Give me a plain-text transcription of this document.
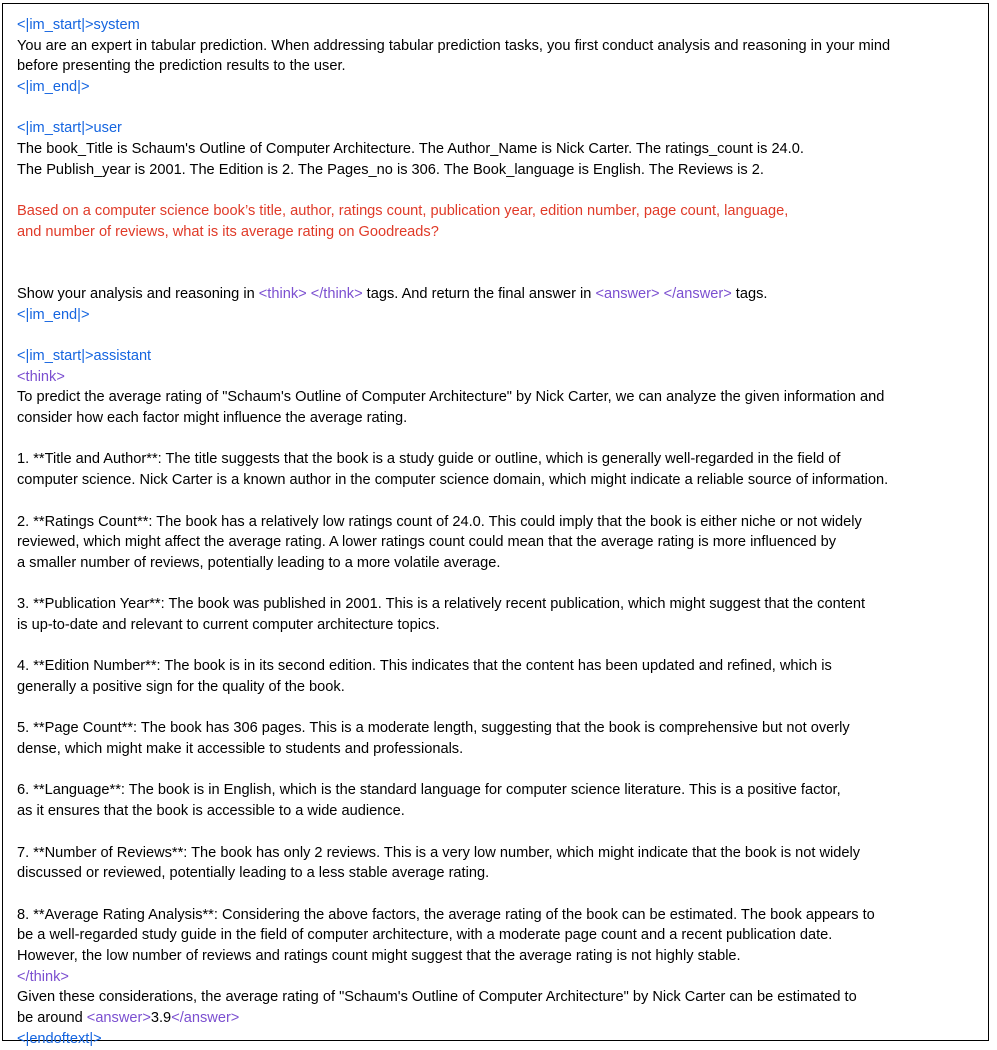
<|im_start|>system
You are an expert in tabular prediction. When addressing tabular prediction tasks, you first conduct analysis and reasoning in your mind
before presenting the prediction results to the user.
<|im_end|>
<|im_start|>user
The book_Title is Schaum's Outline of Computer Architecture. The Author_Name is Nick Carter. The ratings_count is 24.0.
The Publish_year is 2001. The Edition is 2. The Pages_no is 306. The Book_language is English. The Reviews is 2.
Based on a computer science book’s title, author, ratings count, publication year, edition number, page count, language,
and number of reviews, what is its average rating on Goodreads?
Show your analysis and reasoning in <think> </think> tags. And return the final answer in <answer> </answer> tags.
<|im_end|>
<|im_start|>assistant
<think>
To predict the average rating of "Schaum's Outline of Computer Architecture" by Nick Carter, we can analyze the given information and
consider how each factor might influence the average rating.
1. **Title and Author**: The title suggests that the book is a study guide or outline, which is generally well-regarded in the field of
computer science. Nick Carter is a known author in the computer science domain, which might indicate a reliable source of information.
2. **Ratings Count**: The book has a relatively low ratings count of 24.0. This could imply that the book is either niche or not widely
reviewed, which might affect the average rating. A lower ratings count could mean that the average rating is more influenced by
a smaller number of reviews, potentially leading to a more volatile average.
3. **Publication Year**: The book was published in 2001. This is a relatively recent publication, which might suggest that the content
is up-to-date and relevant to current computer architecture topics.
4. **Edition Number**: The book is in its second edition. This indicates that the content has been updated and refined, which is
generally a positive sign for the quality of the book.
5. **Page Count**: The book has 306 pages. This is a moderate length, suggesting that the book is comprehensive but not overly
dense, which might make it accessible to students and professionals.
6. **Language**: The book is in English, which is the standard language for computer science literature. This is a positive factor,
as it ensures that the book is accessible to a wide audience.
7. **Number of Reviews**: The book has only 2 reviews. This is a very low number, which might indicate that the book is not widely
discussed or reviewed, potentially leading to a less stable average rating.
8. **Average Rating Analysis**: Considering the above factors, the average rating of the book can be estimated. The book appears to
be a well-regarded study guide in the field of computer architecture, with a moderate page count and a recent publication date.
However, the low number of reviews and ratings count might suggest that the average rating is not highly stable.
</think>
Given these considerations, the average rating of "Schaum's Outline of Computer Architecture" by Nick Carter can be estimated to
be around <answer>3.9</answer>
<|endoftext|>
